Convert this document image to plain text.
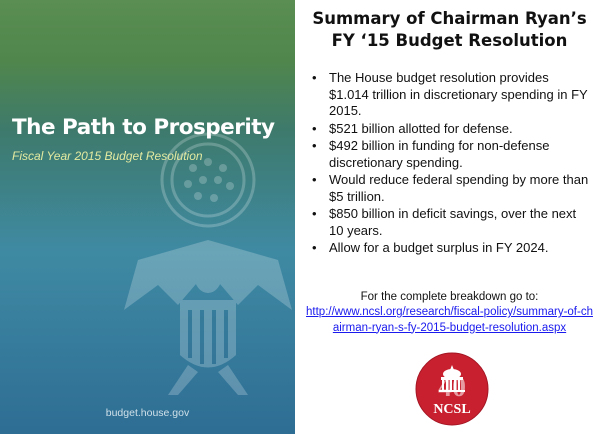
The Path to Prosperity

Fiscal Year 2015 Budget Resolution

budget.house.gov

Summary of Chairman Ryan’s FY ‘15 Budget Resolution
• The House budget resolution provides $1.014 trillion in discretionary spending in FY 2015.
• $521 billion allotted for defense.
• $492 billion in funding for non-defense discretionary spending.
• Would reduce federal spending by more than $5 trillion.
• $850 billion in deficit savings, over the next 10 years.
• Allow for a budget surplus in FY 2024.

For the complete breakdown go to:

http://www.ncsl.org/research/fiscal-policy/summary-of-chairman-ryan-s-fy-2015-budget-resolution.aspx
40
NCSL
